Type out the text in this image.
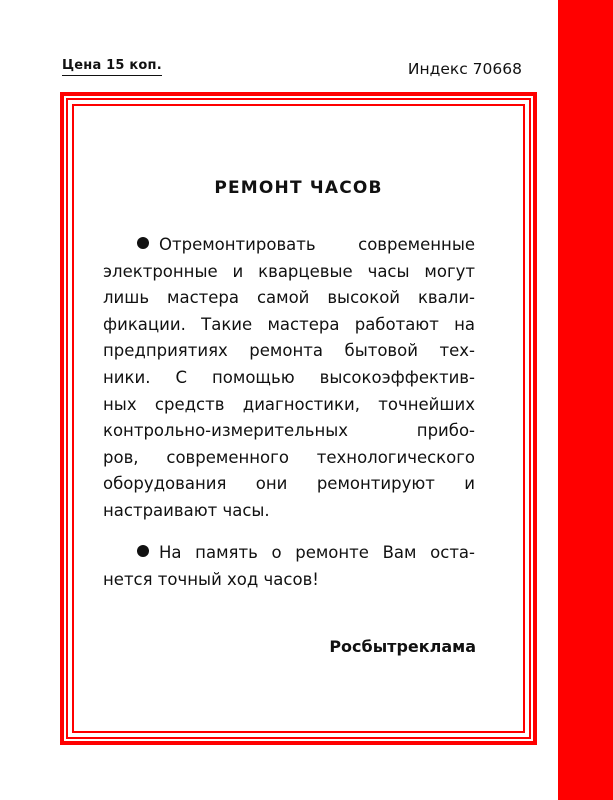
Цена 15 коп.	Индекс 70668
РЕМОНТ ЧАСОВ
Отремонтировать современные
электронные и кварцевые часы могут
лишь мастера самой высокой квали-
фикации. Такие мастера работают на
предприятиях ремонта бытовой тех-
ники. С помощью высокоэффектив-
ных средств диагностики, точнейших
контрольно-измерительных прибо-
ров, современного технологического
оборудования они ремонтируют и
настраивают часы.
На память о ремонте Вам оста-
нется точный ход часов!
Росбытреклама
